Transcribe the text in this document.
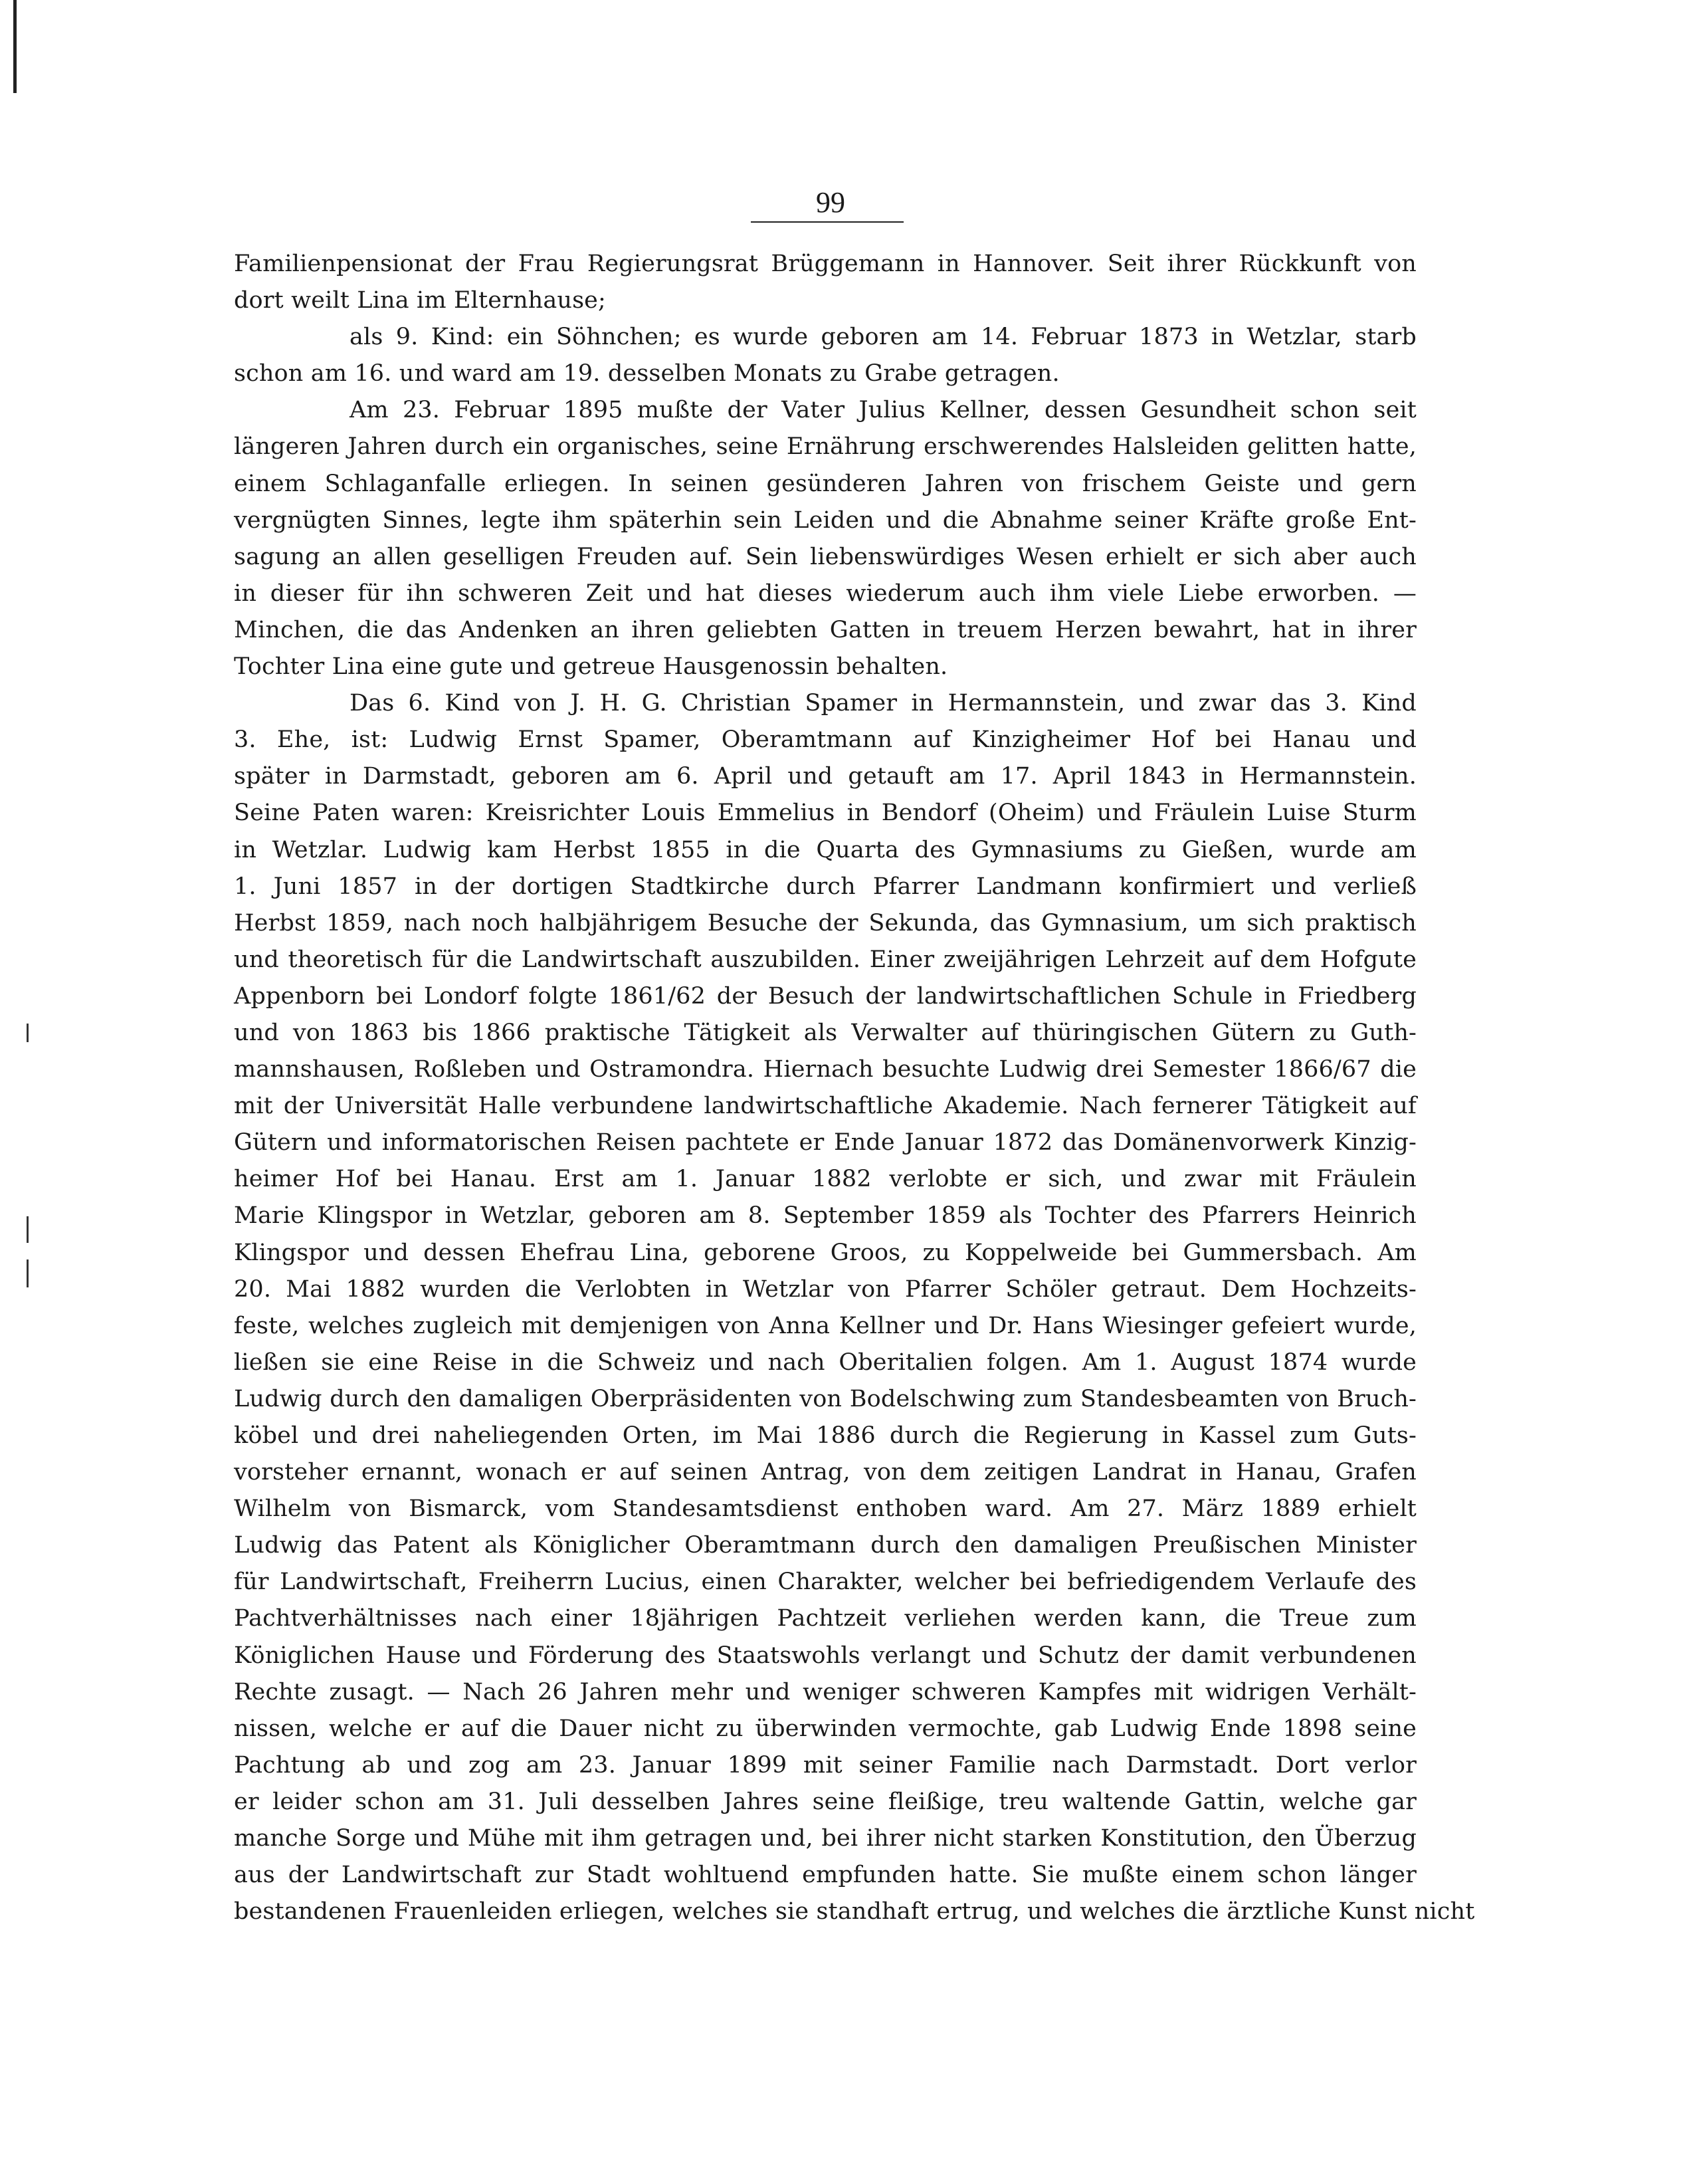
99
Familienpensionat der Frau Regierungsrat Brüggemann in Hannover. Seit ihrer Rückkunft von
dort weilt Lina im Elternhause;
als 9. Kind: ein Söhnchen; es wurde geboren am 14. Februar 1873 in Wetzlar, starb
schon am 16. und ward am 19. desselben Monats zu Grabe getragen.
Am 23. Februar 1895 mußte der Vater Julius Kellner, dessen Gesundheit schon seit
längeren Jahren durch ein organisches, seine Ernährung erschwerendes Halsleiden gelitten hatte,
einem Schlaganfalle erliegen. In seinen gesünderen Jahren von frischem Geiste und gern
vergnügten Sinnes, legte ihm späterhin sein Leiden und die Abnahme seiner Kräfte große Ent-
sagung an allen geselligen Freuden auf. Sein liebenswürdiges Wesen erhielt er sich aber auch
in dieser für ihn schweren Zeit und hat dieses wiederum auch ihm viele Liebe erworben. —
Minchen, die das Andenken an ihren geliebten Gatten in treuem Herzen bewahrt, hat in ihrer
Tochter Lina eine gute und getreue Hausgenossin behalten.
Das 6. Kind von J. H. G. Christian Spamer in Hermannstein, und zwar das 3. Kind
3. Ehe, ist: Ludwig Ernst Spamer, Oberamtmann auf Kinzigheimer Hof bei Hanau und
später in Darmstadt, geboren am 6. April und getauft am 17. April 1843 in Hermannstein.
Seine Paten waren: Kreisrichter Louis Emmelius in Bendorf (Oheim) und Fräulein Luise Sturm
in Wetzlar. Ludwig kam Herbst 1855 in die Quarta des Gymnasiums zu Gießen, wurde am
1. Juni 1857 in der dortigen Stadtkirche durch Pfarrer Landmann konfirmiert und verließ
Herbst 1859, nach noch halbjährigem Besuche der Sekunda, das Gymnasium, um sich praktisch
und theoretisch für die Landwirtschaft auszubilden. Einer zweijährigen Lehrzeit auf dem Hofgute
Appenborn bei Londorf folgte 1861/62 der Besuch der landwirtschaftlichen Schule in Friedberg
und von 1863 bis 1866 praktische Tätigkeit als Verwalter auf thüringischen Gütern zu Guth-
mannshausen, Roßleben und Ostramondra. Hiernach besuchte Ludwig drei Semester 1866/67 die
mit der Universität Halle verbundene landwirtschaftliche Akademie. Nach fernerer Tätigkeit auf
Gütern und informatorischen Reisen pachtete er Ende Januar 1872 das Domänenvorwerk Kinzig-
heimer Hof bei Hanau. Erst am 1. Januar 1882 verlobte er sich, und zwar mit Fräulein
Marie Klingspor in Wetzlar, geboren am 8. September 1859 als Tochter des Pfarrers Heinrich
Klingspor und dessen Ehefrau Lina, geborene Groos, zu Koppelweide bei Gummersbach. Am
20. Mai 1882 wurden die Verlobten in Wetzlar von Pfarrer Schöler getraut. Dem Hochzeits-
feste, welches zugleich mit demjenigen von Anna Kellner und Dr. Hans Wiesinger gefeiert wurde,
ließen sie eine Reise in die Schweiz und nach Oberitalien folgen. Am 1. August 1874 wurde
Ludwig durch den damaligen Oberpräsidenten von Bodelschwing zum Standesbeamten von Bruch-
köbel und drei naheliegenden Orten, im Mai 1886 durch die Regierung in Kassel zum Guts-
vorsteher ernannt, wonach er auf seinen Antrag, von dem zeitigen Landrat in Hanau, Grafen
Wilhelm von Bismarck, vom Standesamtsdienst enthoben ward. Am 27. März 1889 erhielt
Ludwig das Patent als Königlicher Oberamtmann durch den damaligen Preußischen Minister
für Landwirtschaft, Freiherrn Lucius, einen Charakter, welcher bei befriedigendem Verlaufe des
Pachtverhältnisses nach einer 18jährigen Pachtzeit verliehen werden kann, die Treue zum
Königlichen Hause und Förderung des Staatswohls verlangt und Schutz der damit verbundenen
Rechte zusagt. — Nach 26 Jahren mehr und weniger schweren Kampfes mit widrigen Verhält-
nissen, welche er auf die Dauer nicht zu überwinden vermochte, gab Ludwig Ende 1898 seine
Pachtung ab und zog am 23. Januar 1899 mit seiner Familie nach Darmstadt. Dort verlor
er leider schon am 31. Juli desselben Jahres seine fleißige, treu waltende Gattin, welche gar
manche Sorge und Mühe mit ihm getragen und, bei ihrer nicht starken Konstitution, den Überzug
aus der Landwirtschaft zur Stadt wohltuend empfunden hatte. Sie mußte einem schon länger
bestandenen Frauenleiden erliegen, welches sie standhaft ertrug, und welches die ärztliche Kunst nicht
